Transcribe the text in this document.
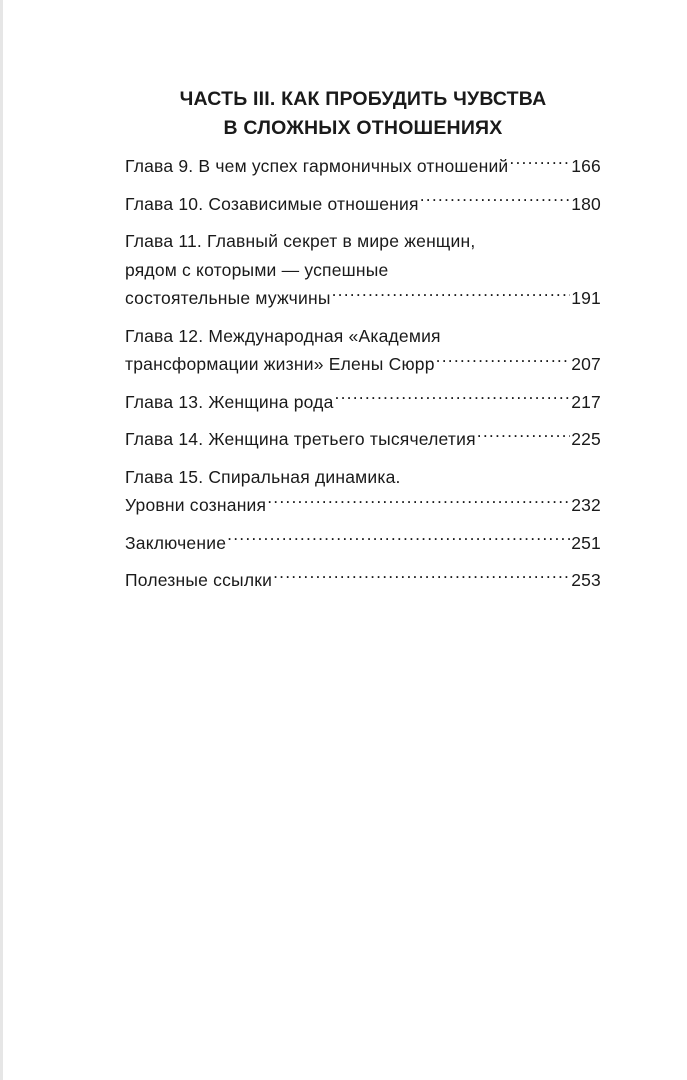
ЧАСТЬ III. КАК ПРОБУДИТЬ ЧУВСТВА
В СЛОЖНЫХ ОТНОШЕНИЯХ
Глава 9. В чем успех гармоничных отношений .....	166
Глава 10. Созависимые отношения .....	180
Глава 11. Главный секрет в мире женщин,
рядом с которыми — успешные
состоятельные мужчины .....	191
Глава 12. Международная «Академия
трансформации жизни» Елены Сюрр .....	207
Глава 13. Женщина рода .....	217
Глава 14. Женщина третьего тысячелетия .....	225
Глава 15. Спиральная динамика.
Уровни сознания .....	232
Заключение .....	251
Полезные ссылки .....	253
